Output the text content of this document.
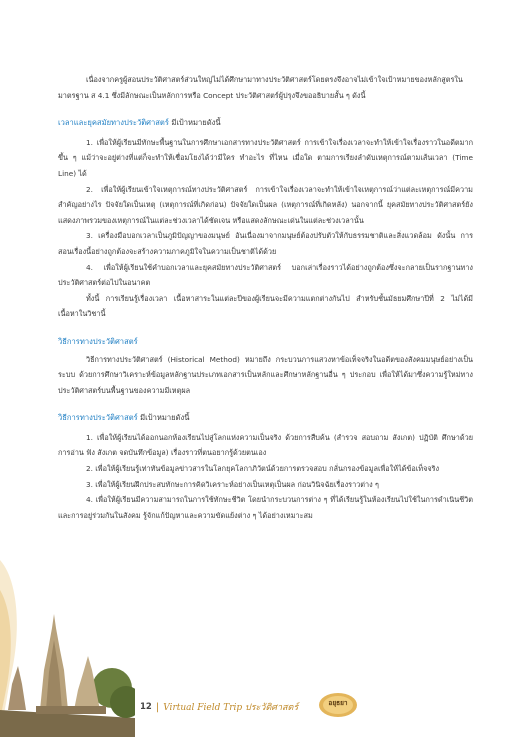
เนื่องจากครูผู้สอนประวัติศาสตร์ส่วนใหญ่ไม่ได้ศึกษามาทางประวัติศาสตร์โดยตรงจึงอาจไม่เข้าใจเป้าหมายของหลักสูตรในมาตรฐาน ส 4.1 ซึ่งมีลักษณะเป็นหลักการหรือ Concept ประวัติศาสตร์ผู้ปรุงจึงขออธิบายสั้น ๆ ดังนี้

เวลาและยุคสมัยทางประวัติศาสตร์ มีเป้าหมายดังนี้

1. เพื่อให้ผู้เรียนมีทักษะพื้นฐานในการศึกษาเอกสารทางประวัติศาสตร์ การเข้าใจเรื่องเวลาจะทำให้เข้าใจเรื่องราวในอดีตมากขึ้น ๆ แม้ว่าจะอยู่ต่างที่แต่ก็จะทำให้เชื่อมโยงได้ว่ามีใคร ทำอะไร ที่ไหน เมื่อใด ตามการเรียงลำดับเหตุการณ์ตามเส้นเวลา (Time Line) ได้

2. เพื่อให้ผู้เรียนเข้าใจเหตุการณ์ทางประวัติศาสตร์ การเข้าใจเรื่องเวลาจะทำให้เข้าใจเหตุการณ์ว่าแต่ละเหตุการณ์มีความสำคัญอย่างไร ปัจจัยใดเป็นเหตุ (เหตุการณ์ที่เกิดก่อน) ปัจจัยใดเป็นผล (เหตุการณ์ที่เกิดหลัง) นอกจากนี้ ยุคสมัยทางประวัติศาสตร์ยังแสดงภาพรวมของเหตุการณ์ในแต่ละช่วงเวลาได้ชัดเจน หรือแสดงลักษณะเด่นในแต่ละช่วงเวลานั้น

3. เครื่องมือบอกเวลาเป็นภูมิปัญญาของมนุษย์ อันเนื่องมาจากมนุษย์ต้องปรับตัวให้กับธรรมชาติและสิ่งแวดล้อม ดังนั้น การสอนเรื่องนี้อย่างถูกต้องจะสร้างความภาคภูมิใจในความเป็นชาติได้ด้วย

4. เพื่อให้ผู้เรียนใช้คำบอกเวลาและยุคสมัยทางประวัติศาสตร์ บอกเล่าเรื่องราวได้อย่างถูกต้องซึ่งจะกลายเป็นรากฐานทางประวัติศาสตร์ต่อไปในอนาคต

ทั้งนี้ การเรียนรู้เรื่องเวลา เนื้อหาสาระในแต่ละปีของผู้เรียนจะมีความแตกต่างกันไป สำหรับชั้นมัธยมศึกษาปีที่ 2 ไม่ได้มีเนื้อหาในวิชานี้

วิธีการทางประวัติศาสตร์

วิธีการทางประวัติศาสตร์ (Historical Method) หมายถึง กระบวนการแสวงหาข้อเท็จจริงในอดีตของสังคมมนุษย์อย่างเป็นระบบ ด้วยการศึกษาวิเคราะห์ข้อมูลหลักฐานประเภทเอกสารเป็นหลักและศึกษาหลักฐานอื่น ๆ ประกอบ เพื่อให้ได้มาซึ่งความรู้ใหม่ทางประวัติศาสตร์บนพื้นฐานของความมีเหตุผล

วิธีการทางประวัติศาสตร์ มีเป้าหมายดังนี้

1. เพื่อให้ผู้เรียนได้ออกนอกห้องเรียนไปสู่โลกแห่งความเป็นจริง ด้วยการสืบค้น (สำรวจ สอบถาม สังเกต) ปฏิบัติ ศึกษาด้วยการอ่าน ฟัง สังเกต จดบันทึกข้อมูล) เรื่องราวที่ตนอยากรู้ด้วยตนเอง

2. เพื่อให้ผู้เรียนรู้เท่าทันข้อมูลข่าวสารในโลกยุคโลกาภิวัตน์ด้วยการตรวจสอบ กลั่นกรองข้อมูลเพื่อให้ได้ข้อเท็จจริง

3. เพื่อให้ผู้เรียนฝึกประสบทักษะการคิดวิเคราะห์อย่างเป็นเหตุเป็นผล ก่อนวินิจฉัยเรื่องราวต่าง ๆ

4. เพื่อให้ผู้เรียนมีความสามารถในการใช้ทักษะชีวิต โดยนำกระบวนการต่าง ๆ ที่ได้เรียนรู้ในห้องเรียนไปใช้ในการดำเนินชีวิตและการอยู่ร่วมกันในสังคม รู้จักแก้ปัญหาและความขัดแย้งต่าง ๆ ได้อย่างเหมาะสม

12 | Virtual Field Trip ประวัติศาสตร์	อยุธยา
